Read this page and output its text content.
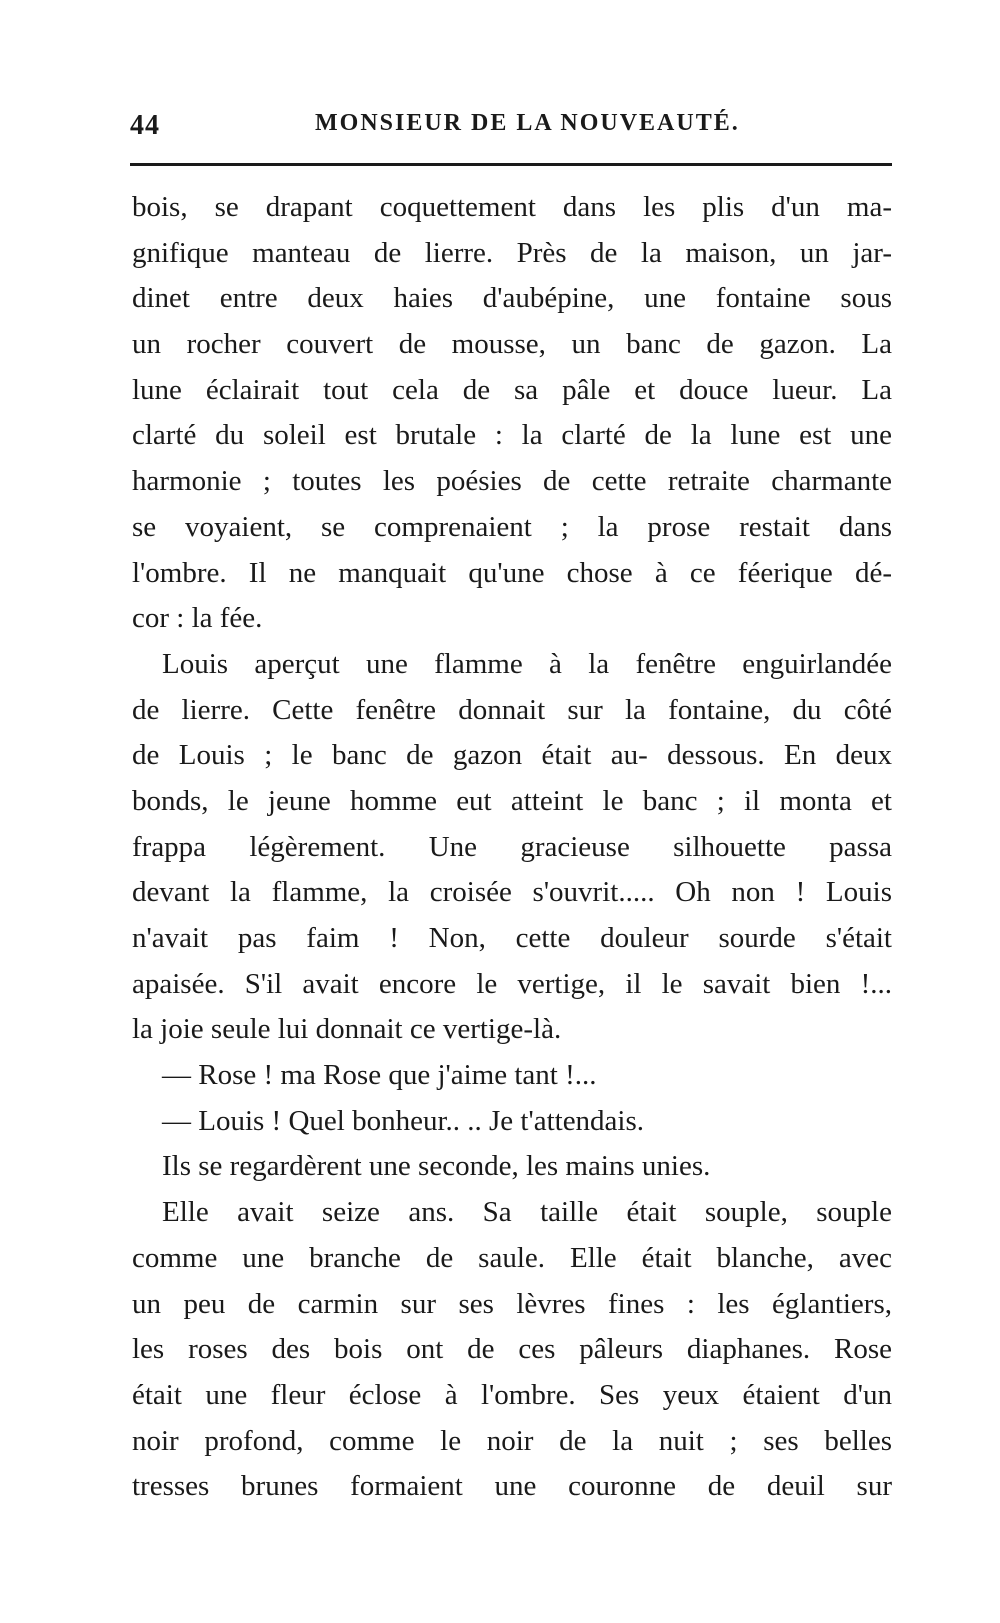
44	MONSIEUR DE LA NOUVEAUTÉ.
bois, se drapant coquettement dans les plis d'un ma-
gnifique manteau de lierre. Près de la maison, un jar-
dinet entre deux haies d'aubépine, une fontaine sous
un rocher couvert de mousse, un banc de gazon. La
lune éclairait tout cela de sa pâle et douce lueur. La
clarté du soleil est brutale : la clarté de la lune est une
harmonie ; toutes les poésies de cette retraite charmante
se voyaient, se comprenaient ; la prose restait dans
l'ombre. Il ne manquait qu'une chose à ce féerique dé-
cor : la fée.
Louis aperçut une flamme à la fenêtre enguirlandée
de lierre. Cette fenêtre donnait sur la fontaine, du côté
de Louis ; le banc de gazon était au- dessous. En deux
bonds, le jeune homme eut atteint le banc ; il monta et
frappa légèrement. Une gracieuse silhouette passa
devant la flamme, la croisée s'ouvrit..... Oh non ! Louis
n'avait pas faim ! Non, cette douleur sourde s'était
apaisée. S'il avait encore le vertige, il le savait bien !...
la joie seule lui donnait ce vertige-là.
— Rose ! ma Rose que j'aime tant !...
— Louis ! Quel bonheur.. .. Je t'attendais.
Ils se regardèrent une seconde, les mains unies.
Elle avait seize ans. Sa taille était souple, souple
comme une branche de saule. Elle était blanche, avec
un peu de carmin sur ses lèvres fines : les églantiers,
les roses des bois ont de ces pâleurs diaphanes. Rose
était une fleur éclose à l'ombre. Ses yeux étaient d'un
noir profond, comme le noir de la nuit ; ses belles
tresses brunes formaient une couronne de deuil sur
